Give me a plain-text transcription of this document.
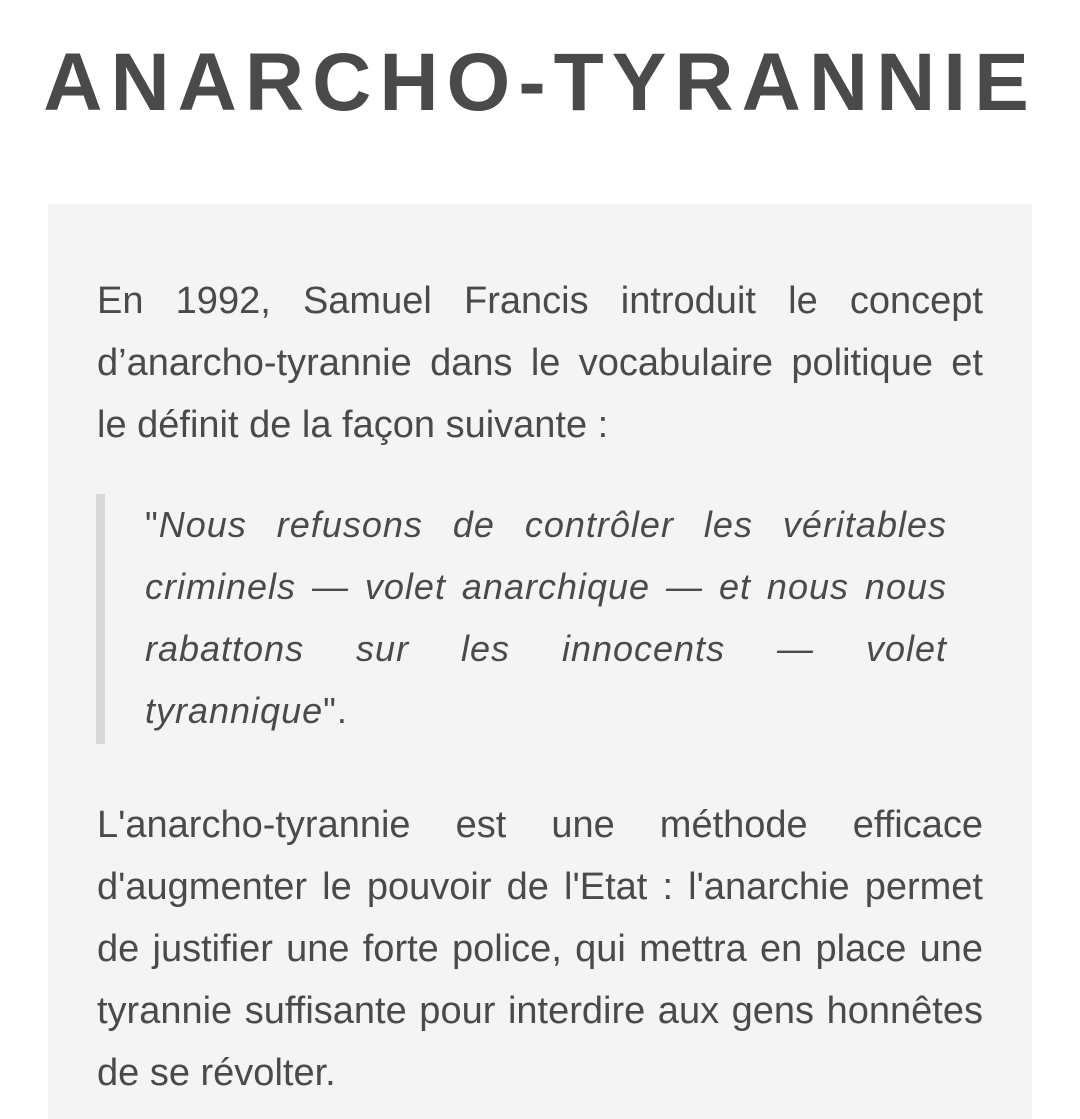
ANARCHO-TYRANNIE

En 1992, Samuel Francis introduit le concept d’anarcho-tyrannie dans le vocabulaire politique et le définit de la façon suivante :

"Nous refusons de contrôler les véritables criminels — volet anarchique — et nous nous rabattons sur les innocents — volet tyrannique".

L'anarcho-tyrannie est une méthode efficace d'augmenter le pouvoir de l'Etat : l'anarchie permet de justifier une forte police, qui mettra en place une tyrannie suffisante pour interdire aux gens honnêtes de se révolter.
